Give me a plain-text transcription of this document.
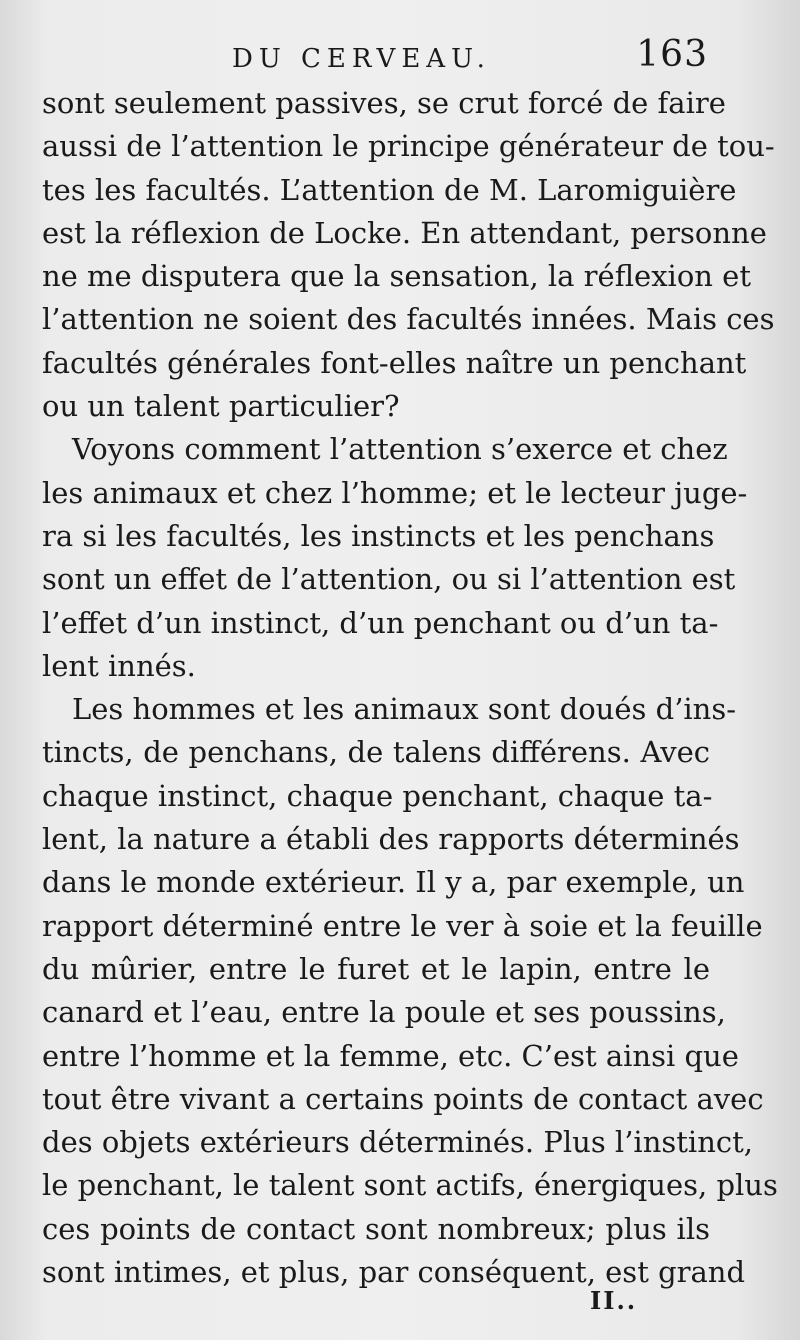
DU CERVEAU.	163
sont seulement passives, se crut forcé de faire
aussi de l’attention le principe générateur de tou-
tes les facultés. L’attention de M. Laromiguière
est la réflexion de Locke. En attendant, personne
ne me disputera que la sensation, la réflexion et
l’attention ne soient des facultés innées. Mais ces
facultés générales font-elles naître un penchant
ou un talent particulier?
Voyons comment l’attention s’exerce et chez
les animaux et chez l’homme; et le lecteur juge-
ra si les facultés, les instincts et les penchans
sont un effet de l’attention, ou si l’attention est
l’effet d’un instinct, d’un penchant ou d’un ta-
lent innés.
Les hommes et les animaux sont doués d’ins-
tincts, de penchans, de talens différens. Avec
chaque instinct, chaque penchant, chaque ta-
lent, la nature a établi des rapports déterminés
dans le monde extérieur. Il y a, par exemple, un
rapport déterminé entre le ver à soie et la feuille
du mûrier, entre le furet et le lapin, entre le
canard et l’eau, entre la poule et ses poussins,
entre l’homme et la femme, etc. C’est ainsi que
tout être vivant a certains points de contact avec
des objets extérieurs déterminés. Plus l’instinct,
le penchant, le talent sont actifs, énergiques, plus
ces points de contact sont nombreux; plus ils
sont intimes, et plus, par conséquent, est grand
II..
